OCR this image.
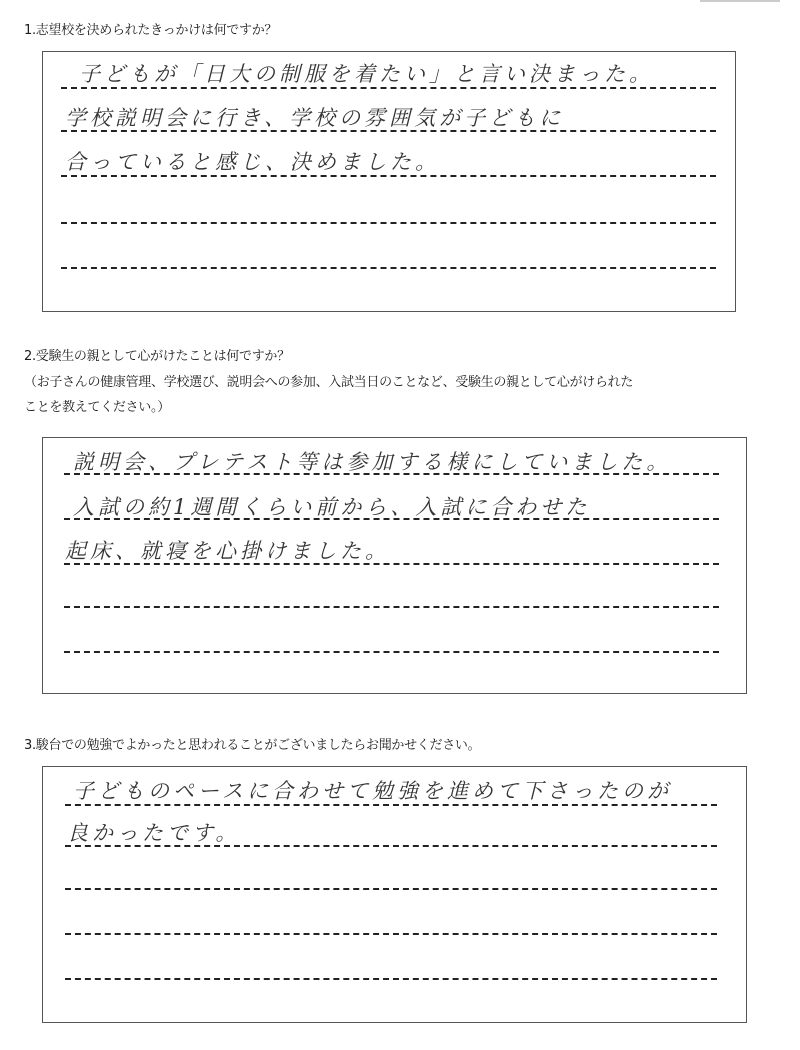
1.志望校を決められたきっかけは何ですか？
子どもが「日大の制服を着たい」と言い決まった。
学校説明会に行き、学校の雰囲気が子どもに
合っていると感じ、決めました。
2.受験生の親として心がけたことは何ですか？
（お子さんの健康管理、学校選び、説明会への参加、入試当日のことなど、受験生の親として心がけられた
ことを教えてください。）
説明会、プレテスト等は参加する様にしていました。
入試の約1週間くらい前から、入試に合わせた
起床、就寝を心掛けました。
3.駿台での勉強でよかったと思われることがございましたらお聞かせください。
子どものペースに合わせて勉強を進めて下さったのが
良かったです。
